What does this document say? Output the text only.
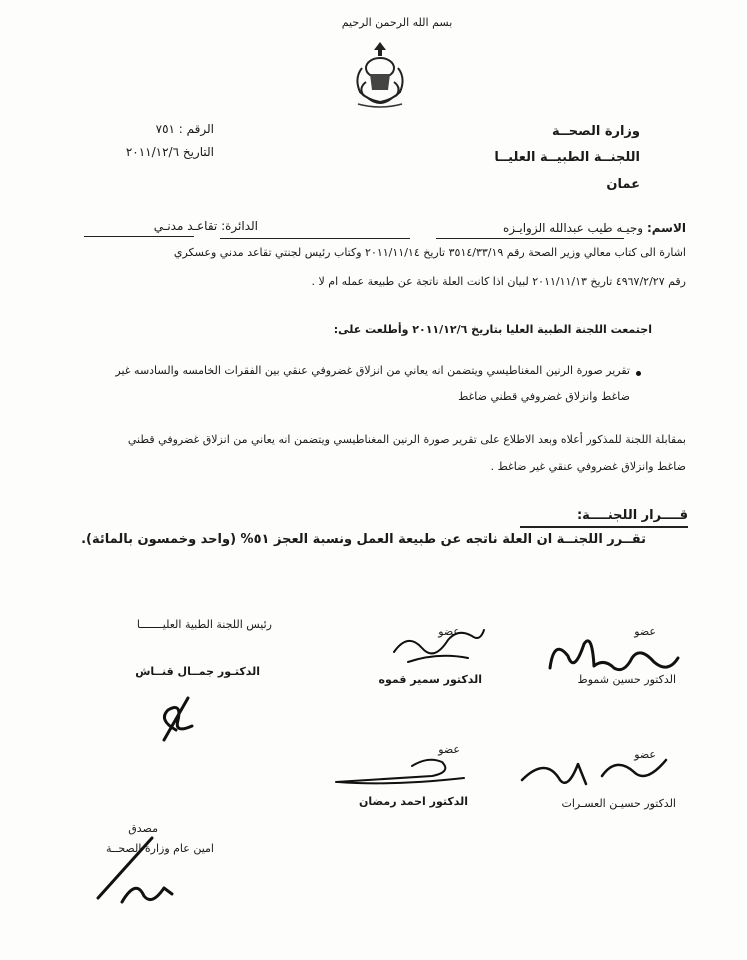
بسم الله الرحمن الرحيم
وزارة الصحــة
اللجنــة الطبيــة العليــا
عمان
الرقم : ٧٥١
التاريخ ٢٠١١/١٢/٦
الاسم: وجيـه طيب عبدالله الزوايـزه
الدائرة: تقاعـد مدنـي
اشارة الى كتاب معالي وزير الصحة رقم ٣٥١٤/٣٣/١٩ تاريخ ٢٠١١/١١/١٤ وكتاب رئيس لجنتي تقاعد مدني وعسكري
رقم ٤٩٦٧/٢/٢٧ تاريخ ٢٠١١/١١/١٣ لبيان اذا كانت العلة ناتجة عن طبيعة عمله ام لا .
اجتمعت اللجنة الطبية العليا بتاريخ ٢٠١١/١٢/٦ وأطلعت على:
تقرير صورة الرنين المغناطيسي ويتضمن انه يعاني من انزلاق غضروفي عنقي بين الفقرات الخامسه والسادسه غير
ضاغط وانزلاق غضروفي قطني ضاغط
بمقابلة اللجنة للمذكور أعلاه وبعد الاطلاع على تقرير صورة الرنين المغناطيسي ويتضمن انه يعاني من انزلاق غضروفي قطني
ضاغط وانزلاق غضروفي عنقي غير ضاغط .
قــــرار اللجنــــة:
تقــرر اللجنــة ان العلة ناتجه عن طبيعة العمل ونسبة العجز ٥١% (واحد وخمسون بالمائة).
رئيس اللجنة الطبية العليـــــــا
الدكتـور جمــال قنــاش
عضو
الدكتور سمير قموه
عضو
الدكتور حسين شموط
عضو
الدكتور احمد رمضان
عضو
الدكتور حسيـن العسـرات
مصدق
امين عام وزارة الصحــة
